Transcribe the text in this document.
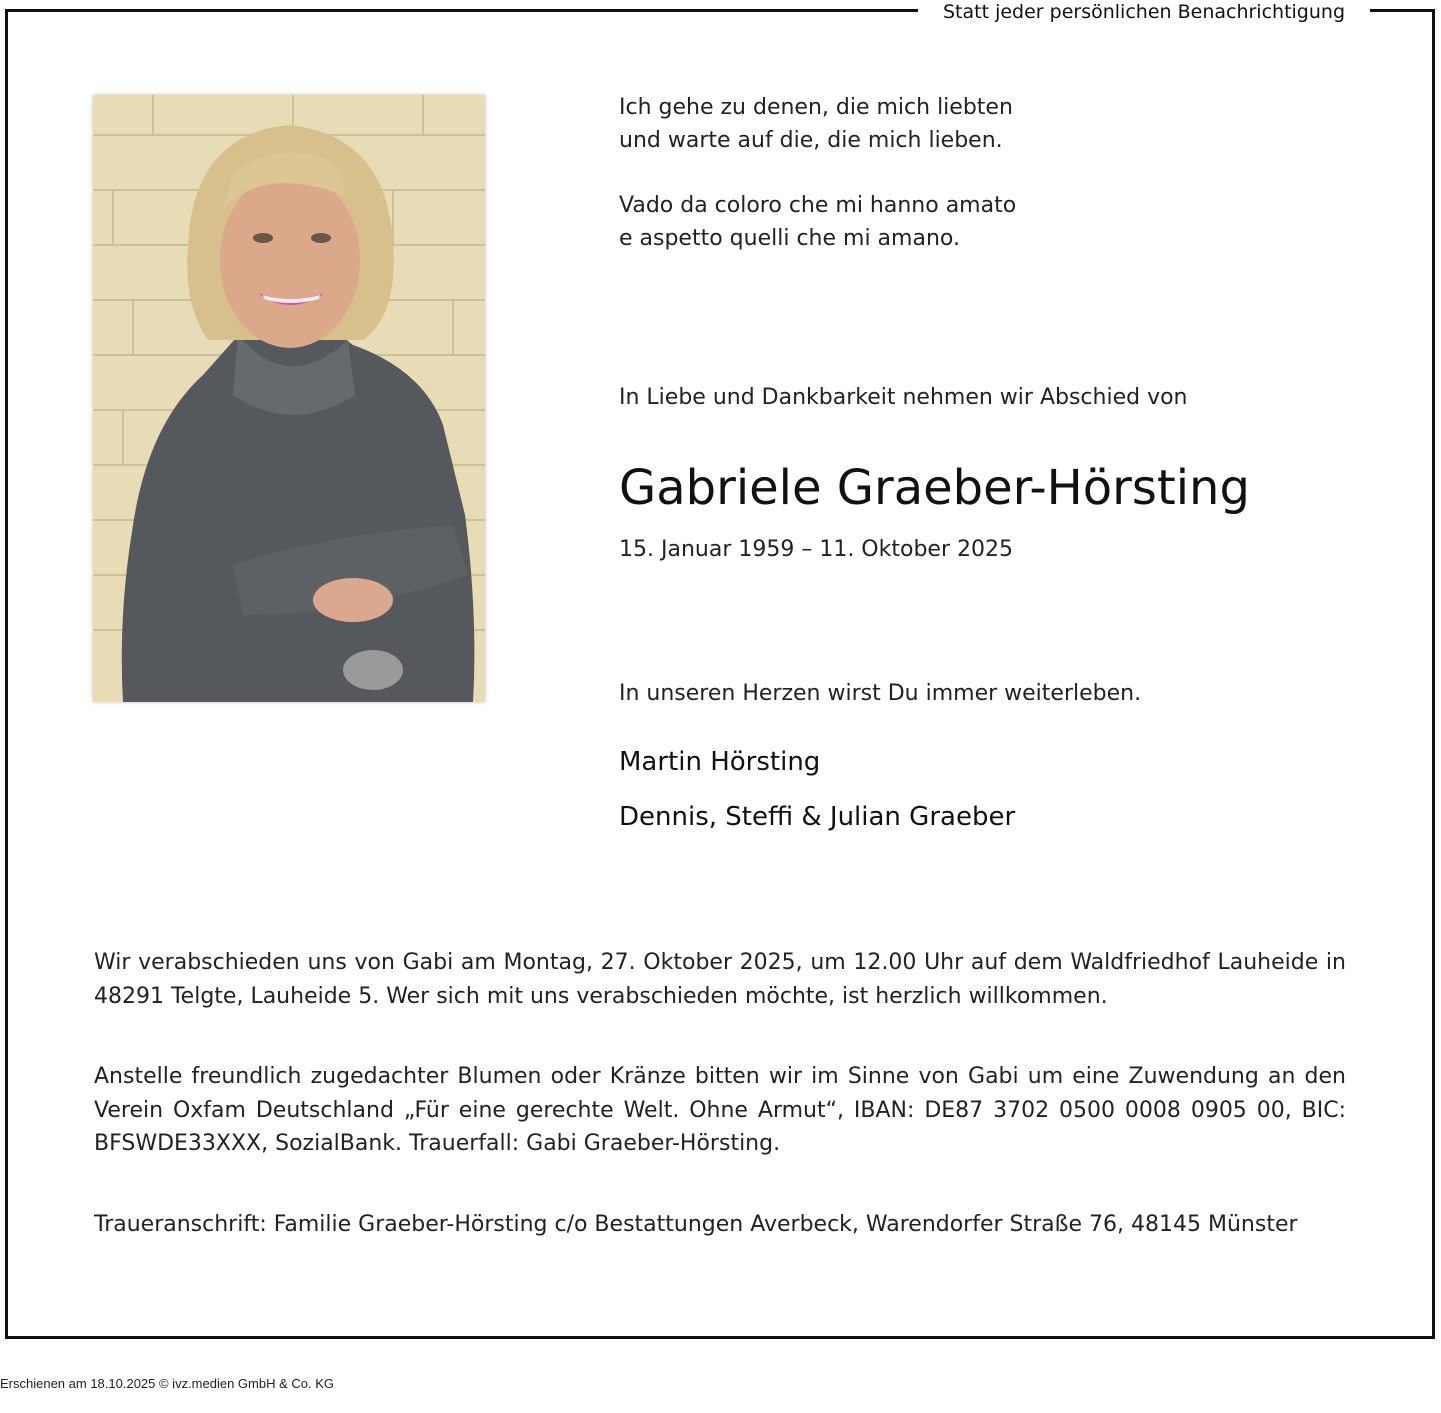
Statt jeder persönlichen Benachrichtigung

Ich gehe zu denen, die mich liebten
und warte auf die, die mich lieben.

Vado da coloro che mi hanno amato
e aspetto quelli che mi amano.

In Liebe und Dankbarkeit nehmen wir Abschied von
Gabriele Graeber-Hörsting
15. Januar 1959 – 11. Oktober 2025
In unseren Herzen wirst Du immer weiterleben.
Martin Hörsting
Dennis, Steffi & Julian Graeber
Wir verabschieden uns von Gabi am Montag, 27. Oktober 2025, um 12.00 Uhr auf dem Waldfriedhof Lauheide in 48291 Telgte, Lauheide 5. Wer sich mit uns verabschieden möchte, ist herzlich willkommen.
Anstelle freundlich zugedachter Blumen oder Kränze bitten wir im Sinne von Gabi um eine Zuwendung an den Verein Oxfam Deutschland „Für eine gerechte Welt. Ohne Armut“, IBAN: DE87 3702 0500 0008 0905 00, BIC: BFSWDE33XXX, SozialBank. Trauerfall: Gabi Graeber-Hörsting.
Traueranschrift: Familie Graeber-Hörsting c/o Bestattungen Averbeck, Warendorfer Straße 76, 48145 Münster
Erschienen am 18.10.2025 © ivz.medien GmbH & Co. KG
